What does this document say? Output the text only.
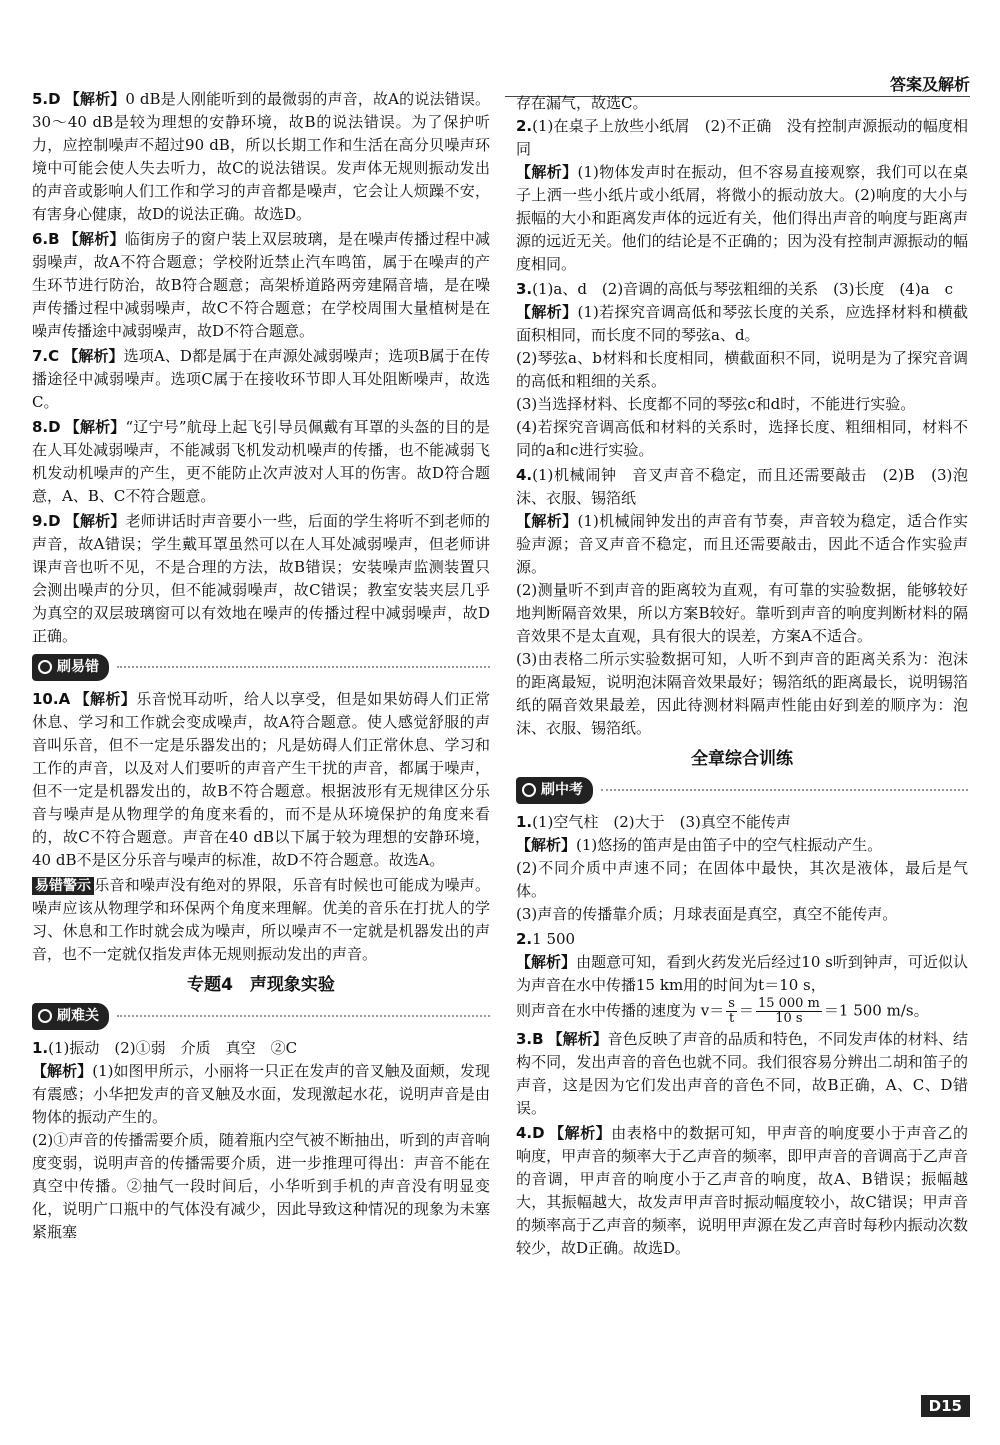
答案及解析
5.D 【解析】0 dB是人刚能听到的最微弱的声音，故A的说法错误。30～40 dB是较为理想的安静环境，故B的说法错误。为了保护听力，应控制噪声不超过90 dB，所以长期工作和生活在高分贝噪声环境中可能会使人失去听力，故C的说法错误。发声体无规则振动发出的声音或影响人们工作和学习的声音都是噪声，它会让人烦躁不安，有害身心健康，故D的说法正确。故选D。
6.B 【解析】临街房子的窗户装上双层玻璃，是在噪声传播过程中减弱噪声，故A不符合题意；学校附近禁止汽车鸣笛，属于在噪声的产生环节进行防治，故B符合题意；高架桥道路两旁建隔音墙，是在噪声传播过程中减弱噪声，故C不符合题意；在学校周围大量植树是在噪声传播途中减弱噪声，故D不符合题意。
7.C 【解析】选项A、D都是属于在声源处减弱噪声；选项B属于在传播途径中减弱噪声。选项C属于在接收环节即人耳处阻断噪声，故选C。
8.D 【解析】“辽宁号”航母上起飞引导员佩戴有耳罩的头盔的目的是在人耳处减弱噪声，不能减弱飞机发动机噪声的传播，也不能减弱飞机发动机噪声的产生，更不能防止次声波对人耳的伤害。故D符合题意，A、B、C不符合题意。
9.D 【解析】老师讲话时声音要小一些，后面的学生将听不到老师的声音，故A错误；学生戴耳罩虽然可以在人耳处减弱噪声，但老师讲课声音也听不见，不是合理的方法，故B错误；安装噪声监测装置只会测出噪声的分贝，但不能减弱噪声，故C错误；教室安装夹层几乎为真空的双层玻璃窗可以有效地在噪声的传播过程中减弱噪声，故D正确。
刷易错
10.A 【解析】乐音悦耳动听，给人以享受，但是如果妨碍人们正常休息、学习和工作就会变成噪声，故A符合题意。使人感觉舒服的声音叫乐音，但不一定是乐器发出的；凡是妨碍人们正常休息、学习和工作的声音，以及对人们要听的声音产生干扰的声音，都属于噪声，但不一定是机器发出的，故B不符合题意。根据波形有无规律区分乐音与噪声是从物理学的角度来看的，而不是从环境保护的角度来看的，故C不符合题意。声音在40 dB以下属于较为理想的安静环境，40 dB不是区分乐音与噪声的标准，故D不符合题意。故选A。
易错警示 乐音和噪声没有绝对的界限，乐音有时候也可能成为噪声。噪声应该从物理学和环保两个角度来理解。优美的音乐在打扰人的学习、休息和工作时就会成为噪声，所以噪声不一定就是机器发出的声音，也不一定就仅指发声体无规则振动发出的声音。
专题4　声现象实验
刷难关

1.(1)振动　(2)①弱　介质　真空　②C

【解析】(1)如图甲所示，小丽将一只正在发声的音叉触及面颊，发现有震感；小华把发声的音叉触及水面，发现激起水花，说明声音是由物体的振动产生的。

(2)①声音的传播需要介质，随着瓶内空气被不断抽出，听到的声音响度变弱，说明声音的传播需要介质，进一步推理可得出：声音不能在真空中传播。②抽气一段时间后，小华听到手机的声音没有明显变化，说明广口瓶中的气体没有减少，因此导致这种情况的现象为未塞紧瓶塞

存在漏气，故选C。

2.(1)在桌子上放些小纸屑　(2)不正确　没有控制声源振动的幅度相同

【解析】(1)物体发声时在振动，但不容易直接观察，我们可以在桌子上洒一些小纸片或小纸屑，将微小的振动放大。(2)响度的大小与振幅的大小和距离发声体的远近有关，他们得出声音的响度与距离声源的远近无关。他们的结论是不正确的；因为没有控制声源振动的幅度相同。

3.(1)a、d　(2)音调的高低与琴弦粗细的关系　(3)长度　(4)a　c

【解析】(1)若探究音调高低和琴弦长度的关系，应选择材料和横截面积相同，而长度不同的琴弦a、d。

(2)琴弦a、b材料和长度相同，横截面积不同，说明是为了探究音调的高低和粗细的关系。

(3)当选择材料、长度都不同的琴弦c和d时，不能进行实验。

(4)若探究音调高低和材料的关系时，选择长度、粗细相同，材料不同的a和c进行实验。

4.(1)机械闹钟　音叉声音不稳定，而且还需要敲击　(2)B　(3)泡沫、衣服、锡箔纸

【解析】(1)机械闹钟发出的声音有节奏，声音较为稳定，适合作实验声源；音叉声音不稳定，而且还需要敲击，因此不适合作实验声源。

(2)测量听不到声音的距离较为直观，有可靠的实验数据，能够较好地判断隔音效果，所以方案B较好。靠听到声音的响度判断材料的隔音效果不是太直观，具有很大的误差，方案A不适合。

(3)由表格二所示实验数据可知，人听不到声音的距离关系为：泡沫的距离最短，说明泡沫隔音效果最好；锡箔纸的距离最长，说明锡箔纸的隔音效果最差，因此待测材料隔声性能由好到差的顺序为：泡沫、衣服、锡箔纸。

全章综合训练
刷中考

1.(1)空气柱　(2)大于　(3)真空不能传声

【解析】(1)悠扬的笛声是由笛子中的空气柱振动产生。

(2)不同介质中声速不同；在固体中最快，其次是液体，最后是气体。

(3)声音的传播靠介质；月球表面是真空，真空不能传声。

2.1 500

【解析】由题意可知，看到火药发光后经过10 s听到钟声，可近似认为声音在水中传播15 km用的时间为t＝10 s，

则声音在水中传播的速度为 $v= \frac{s}{t} = \frac{15 000 m}{10 s} =1$ 500 m/s。

3.B 【解析】音色反映了声音的品质和特色，不同发声体的材料、结构不同，发出声音的音色也就不同。我们很容易分辨出二胡和笛子的声音，这是因为它们发出声音的音色不同，故B正确，A、C、D错误。
4.D 【解析】由表格中的数据可知，甲声音的响度要小于声音乙的响度，甲声音的频率大于乙声音的频率，即甲声音的音调高于乙声音的音调，甲声音的响度小于乙声音的响度，故A、B错误；振幅越大，其振幅越大，故发声甲声音时振动幅度较小，故C错误；甲声音的频率高于乙声音的频率，说明甲声源在发乙声音时每秒内振动次数较少，故D正确。故选D。
D15
